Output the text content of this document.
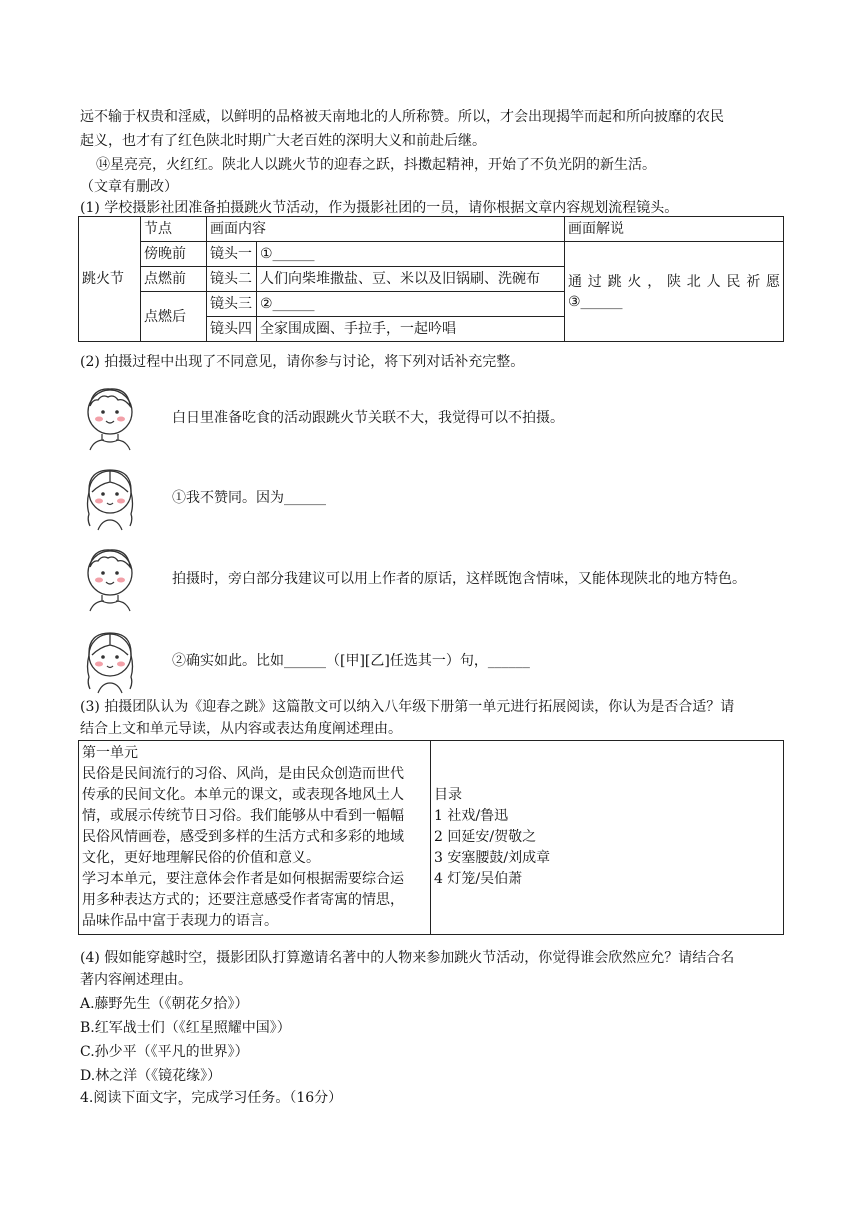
远不输于权贵和淫威，以鲜明的品格被天南地北的人所称赞。所以，才会出现揭竿而起和所向披靡的农民
起义，也才有了红色陕北时期广大老百姓的深明大义和前赴后继。
⑭星亮亮，火红红。陕北人以跳火节的迎春之跃，抖擞起精神，开始了不负光阴的新生活。
（文章有删改）
(1) 学校摄影社团准备拍摄跳火节活动，作为摄影社团的一员，请你根据文章内容规划流程镜头。
跳火节	节点	画面内容		画面解说
	傍晚前	镜头一	①______	通过跳火，陕北人民祈愿
③______

	点燃前	镜头二	人们向柴堆撒盐、豆、米以及旧锅刷、洗碗布	
	点燃后	镜头三	②______	
		镜头四	全家围成圈、手拉手，一起吟唱	
(2) 拍摄过程中出现了不同意见，请你参与讨论，将下列对话补充完整。
白日里准备吃食的活动跟跳火节关联不大，我觉得可以不拍摄。
①我不赞同。因为______
拍摄时，旁白部分我建议可以用上作者的原话，这样既饱含情味，又能体现陕北的地方特色。
②确实如此。比如______（[甲][乙]任选其一）句，______
(3) 拍摄团队认为《迎春之跳》这篇散文可以纳入八年级下册第一单元进行拓展阅读，你认为是否合适？请
结合上文和单元导读，从内容或表达角度阐述理由。
第一单元
民俗是民间流行的习俗、风尚，是由民众创造而世代
传承的民间文化。本单元的课文，或表现各地风土人
情，或展示传统节日习俗。我们能够从中看到一幅幅
民俗风情画卷，感受到多样的生活方式和多彩的地域
文化，更好地理解民俗的价值和意义。
学习本单元，要注意体会作者是如何根据需要综合运
用多种表达方式的；还要注意感受作者寄寓的情思，
品味作品中富于表现力的语言。

目录
1 社戏/鲁迅
2 回延安/贺敬之
3 安塞腰鼓/刘成章
4 灯笼/吴伯萧
(4) 假如能穿越时空，摄影团队打算邀请名著中的人物来参加跳火节活动，你觉得谁会欣然应允？请结合名
著内容阐述理由。
A.藤野先生（《朝花夕拾》）
B.红军战士们（《红星照耀中国》）
C.孙少平（《平凡的世界》）
D.林之洋（《镜花缘》）
4.阅读下面文字，完成学习任务。（16分）
